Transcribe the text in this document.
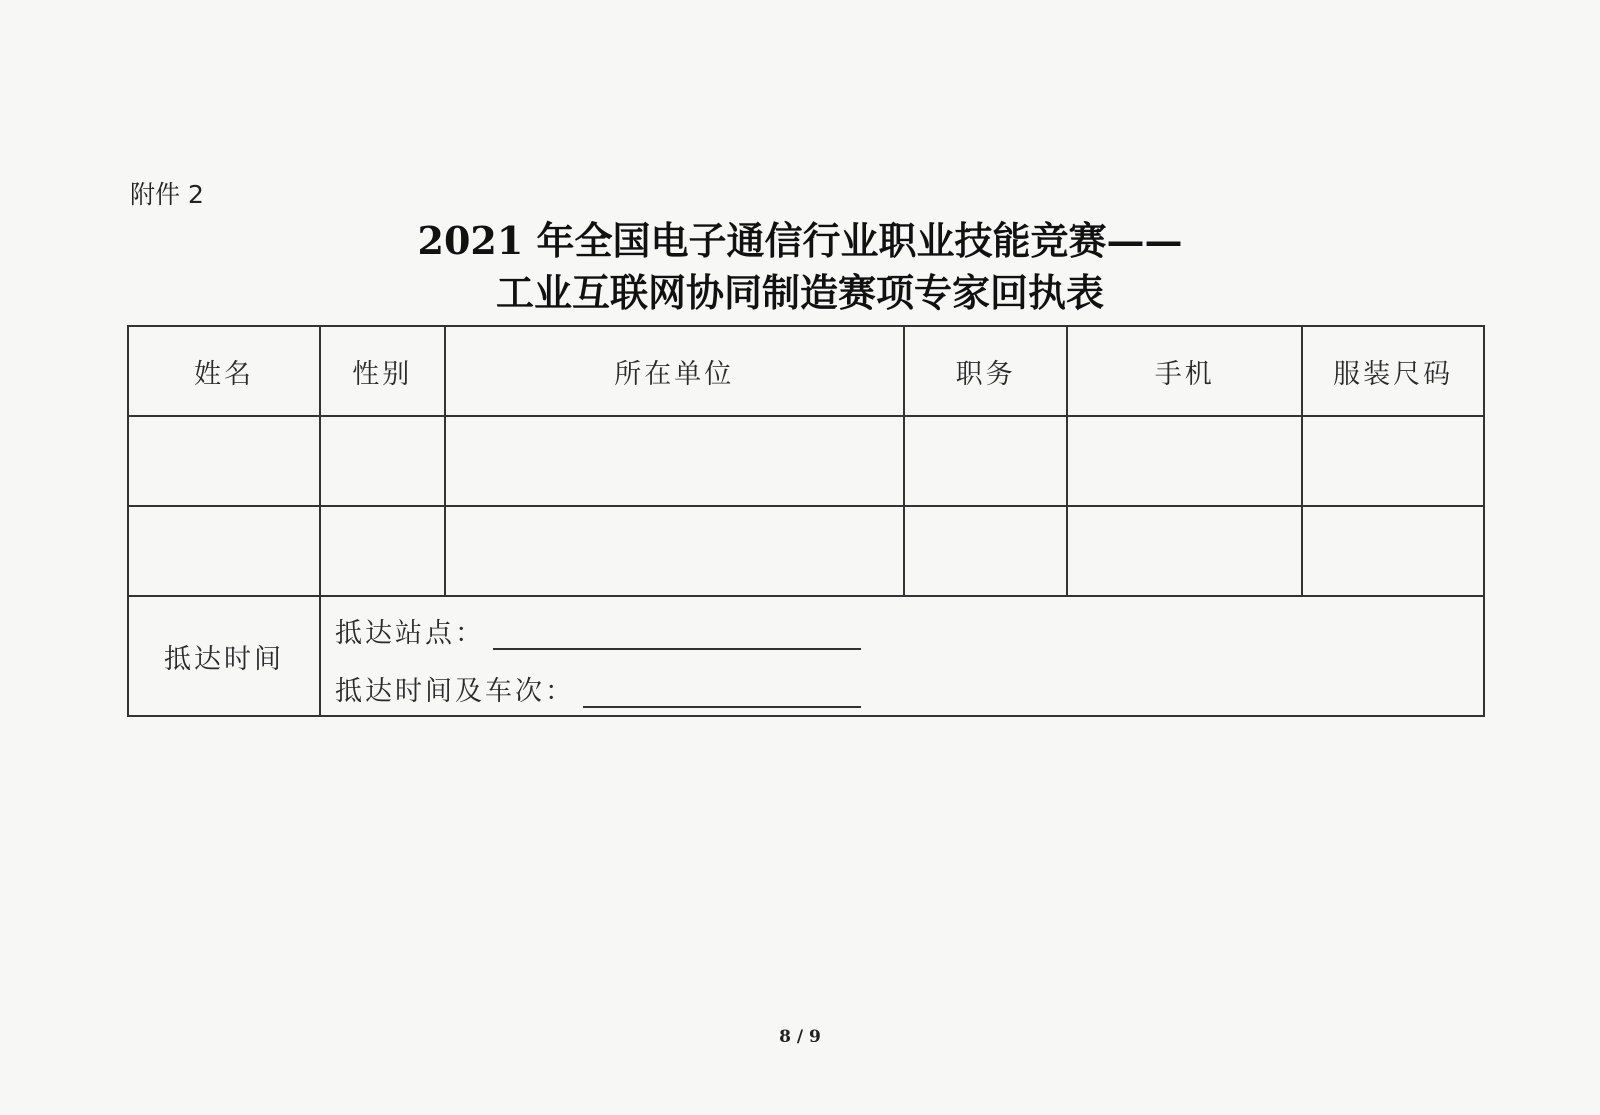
附件 2
2021 年全国电子通信行业职业技能竞赛——
工业互联网协同制造赛项专家回执表
姓名	性别	所在单位	职务	手机	服装尺码

抵达时间	抵达站点：
抵达时间及车次：				
8 / 9
